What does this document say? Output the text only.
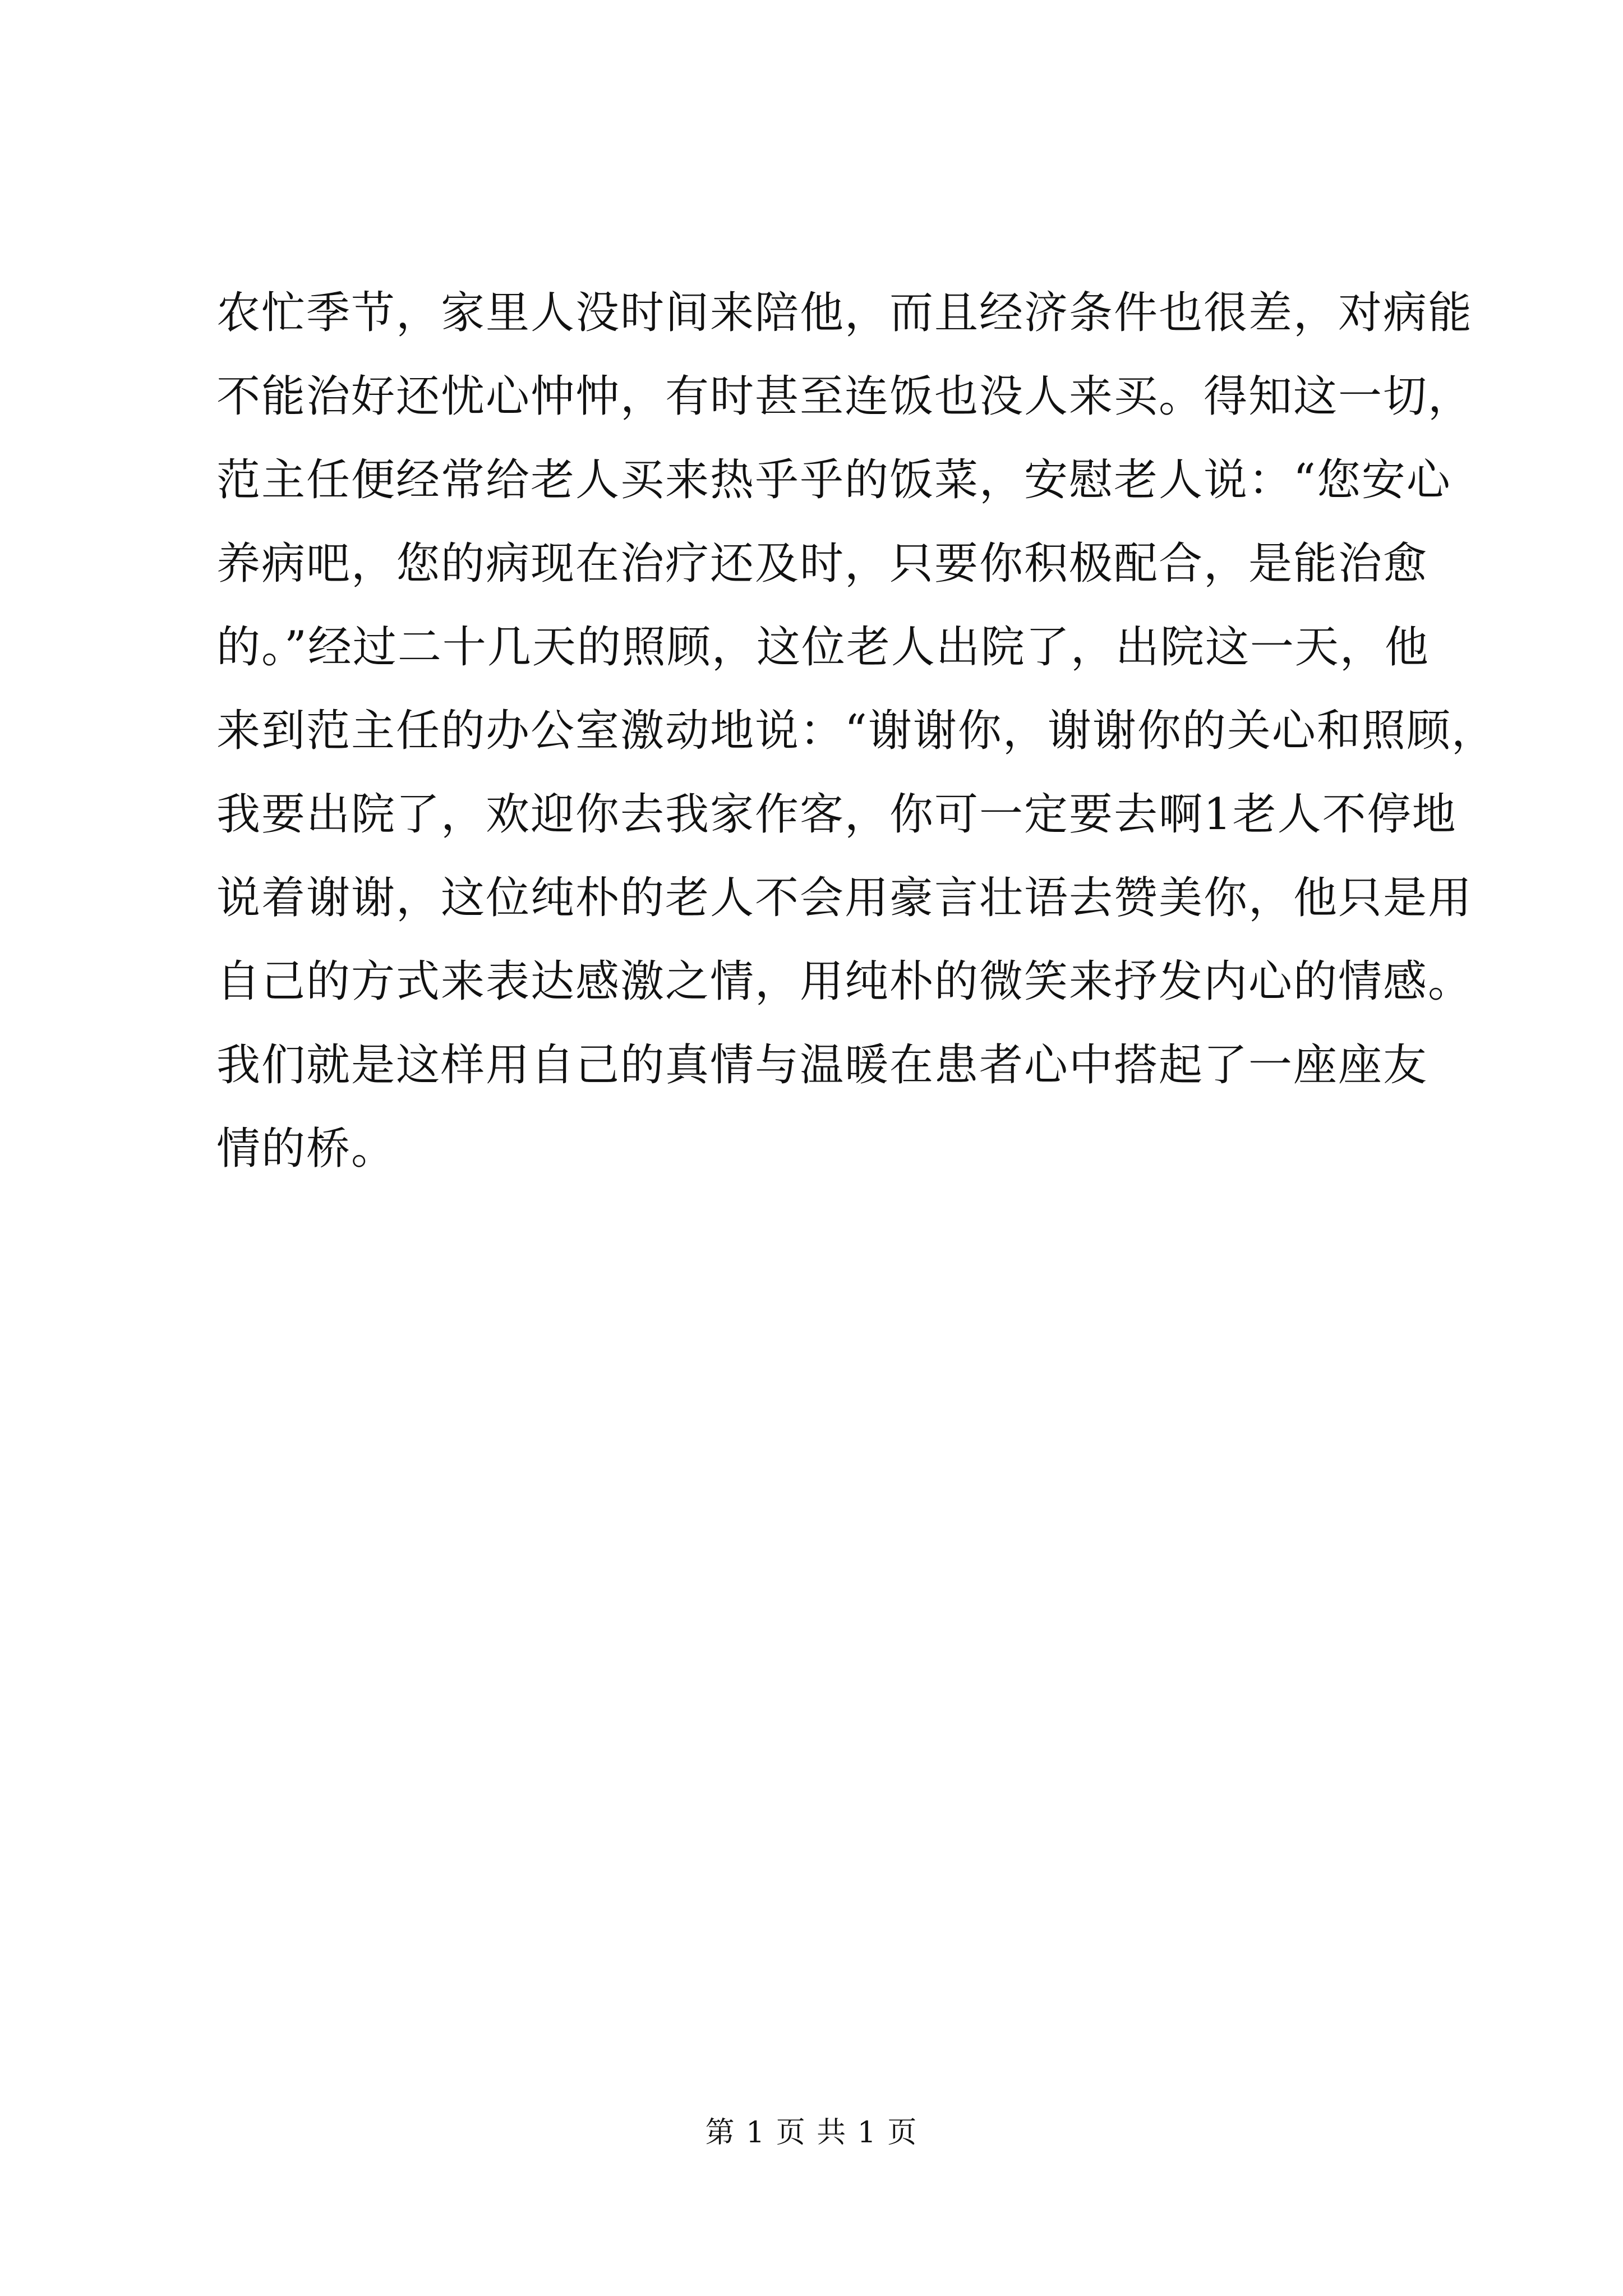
农忙季节，家里人没时间来陪他，而且经济条件也很差，对病能
不能治好还忧心忡忡，有时甚至连饭也没人来买。得知这一切，
范主任便经常给老人买来热乎乎的饭菜，安慰老人说：“您安心
养病吧，您的病现在治疗还及时，只要你积极配合，是能治愈
的。”经过二十几天的照顾，这位老人出院了，出院这一天，他
来到范主任的办公室激动地说：“谢谢你，谢谢你的关心和照顾，
我要出院了，欢迎你去我家作客，你可一定要去啊1老人不停地
说着谢谢，这位纯朴的老人不会用豪言壮语去赞美你，他只是用
自己的方式来表达感激之情，用纯朴的微笑来抒发内心的情感。
我们就是这样用自己的真情与温暖在患者心中搭起了一座座友
情的桥。
第 1 页 共 1 页
